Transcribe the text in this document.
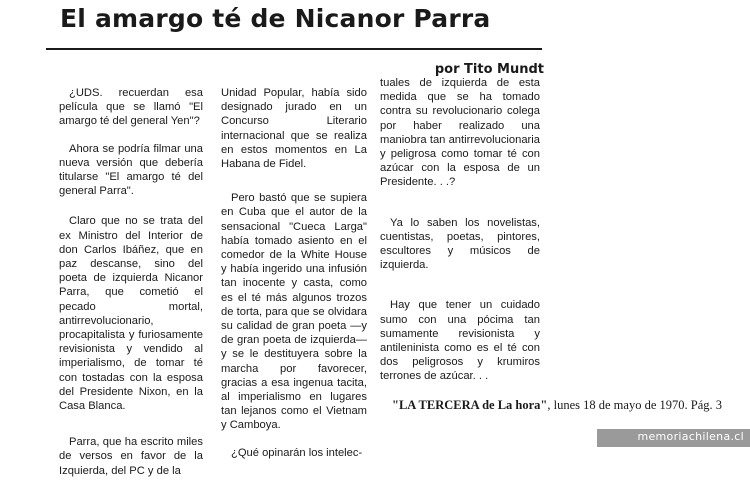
El amargo té de Nicanor Parra
por Tito Mundt

¿UDS. recuerdan esa película que se llamó "El amargo té del general Yen"?

Ahora se podría filmar una nueva versión que debería titularse "El amargo té del general Parra".

Claro que no se trata del ex Ministro del Interior de don Carlos Ibáñez, que en paz descanse, sino del poeta de izquierda Nicanor Parra, que cometió el pecado mortal, antirrevolucionario, procapitalista y furiosamente revisionista y vendido al imperialismo, de tomar té con tostadas con la esposa del Presidente Nixon, en la Casa Blanca.

Parra, que ha escrito miles de versos en favor de la Izquierda, del PC y de la

Unidad Popular, había sido designado jurado en un Concurso Literario internacional que se realiza en estos momentos en La Habana de Fidel.

Pero bastó que se supiera en Cuba que el autor de la sensacional "Cueca Larga" había tomado asiento en el comedor de la White House y había ingerido una infusión tan inocente y casta, como es el té más algunos trozos de torta, para que se olvidara su calidad de gran poeta —y de gran poeta de izquierda— y se le destituyera sobre la marcha por favorecer, gracias a esa ingenua tacita, al imperialismo en lugares tan lejanos como el Vietnam y Camboya.

¿Qué opinarán los intelec-

tuales de izquierda de esta medida que se ha tomado contra su revolucionario colega por haber realizado una maniobra tan antirrevolucionaria y peligrosa como tomar té con azúcar con la esposa de un Presidente. . .?

Ya lo saben los novelistas, cuentistas, poetas, pintores, escultores y músicos de izquierda.

Hay que tener un cuidado sumo con una pócima tan sumamente revisionista y antileninista como es el té con dos peligrosos y krumiros terrones de azúcar. . .

"LA TERCERA de La hora", lunes 18 de mayo de 1970. Pág. 3
memoriachilena.cl
